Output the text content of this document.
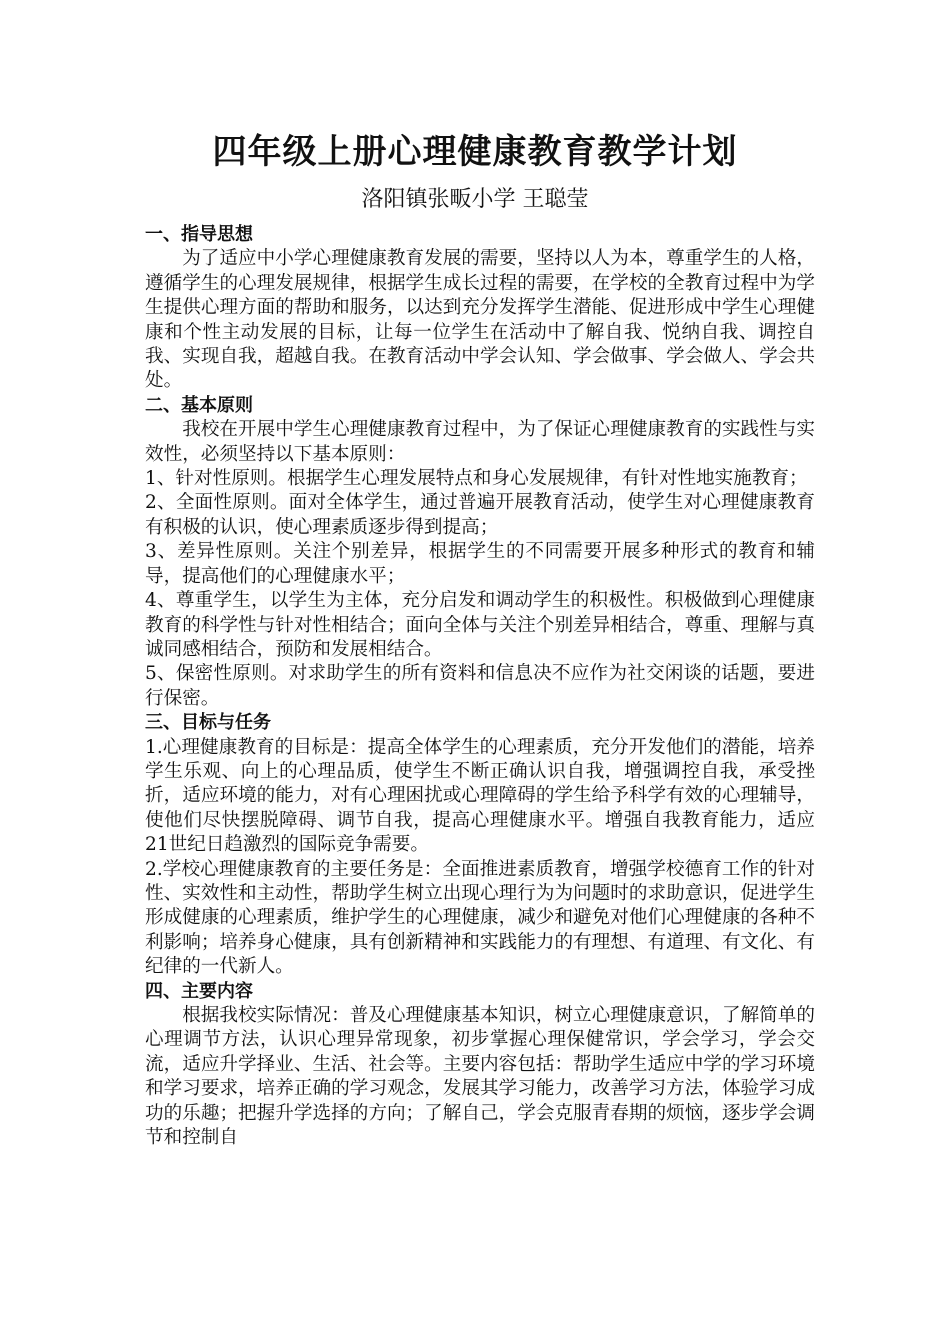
四年级上册心理健康教育教学计划
洛阳镇张畈小学 王聪莹

一、指导思想

为了适应中小学心理健康教育发展的需要，坚持以人为本，尊重学生的人格，遵循学生的心理发展规律，根据学生成长过程的需要，在学校的全教育过程中为学生提供心理方面的帮助和服务，以达到充分发挥学生潜能、促进形成中学生心理健康和个性主动发展的目标，让每一位学生在活动中了解自我、悦纳自我、调控自我、实现自我，超越自我。在教育活动中学会认知、学会做事、学会做人、学会共处。

二、基本原则

我校在开展中学生心理健康教育过程中，为了保证心理健康教育的实践性与实效性，必须坚持以下基本原则：

1、针对性原则。根据学生心理发展特点和身心发展规律，有针对性地实施教育；

2、全面性原则。面对全体学生，通过普遍开展教育活动，使学生对心理健康教育有积极的认识，使心理素质逐步得到提高；

3、差异性原则。关注个别差异，根据学生的不同需要开展多种形式的教育和辅导，提高他们的心理健康水平；

4、尊重学生，以学生为主体，充分启发和调动学生的积极性。积极做到心理健康教育的科学性与针对性相结合；面向全体与关注个别差异相结合，尊重、理解与真诚同感相结合，预防和发展相结合。

5、保密性原则。对求助学生的所有资料和信息决不应作为社交闲谈的话题，要进行保密。

三、目标与任务

1.心理健康教育的目标是：提高全体学生的心理素质，充分开发他们的潜能，培养学生乐观、向上的心理品质，使学生不断正确认识自我，增强调控自我，承受挫折，适应环境的能力，对有心理困扰或心理障碍的学生给予科学有效的心理辅导，使他们尽快摆脱障碍、调节自我，提高心理健康水平。增强自我教育能力，适应21世纪日趋激烈的国际竞争需要。

2.学校心理健康教育的主要任务是：全面推进素质教育，增强学校德育工作的针对性、实效性和主动性，帮助学生树立出现心理行为为问题时的求助意识，促进学生形成健康的心理素质，维护学生的心理健康，减少和避免对他们心理健康的各种不利影响；培养身心健康，具有创新精神和实践能力的有理想、有道理、有文化、有纪律的一代新人。

四、主要内容

根据我校实际情况：普及心理健康基本知识，树立心理健康意识，了解简单的心理调节方法，认识心理异常现象，初步掌握心理保健常识，学会学习，学会交流，适应升学择业、生活、社会等。主要内容包括：帮助学生适应中学的学习环境和学习要求，培养正确的学习观念，发展其学习能力，改善学习方法，体验学习成功的乐趣；把握升学选择的方向；了解自己，学会克服青春期的烦恼，逐步学会调节和控制自
